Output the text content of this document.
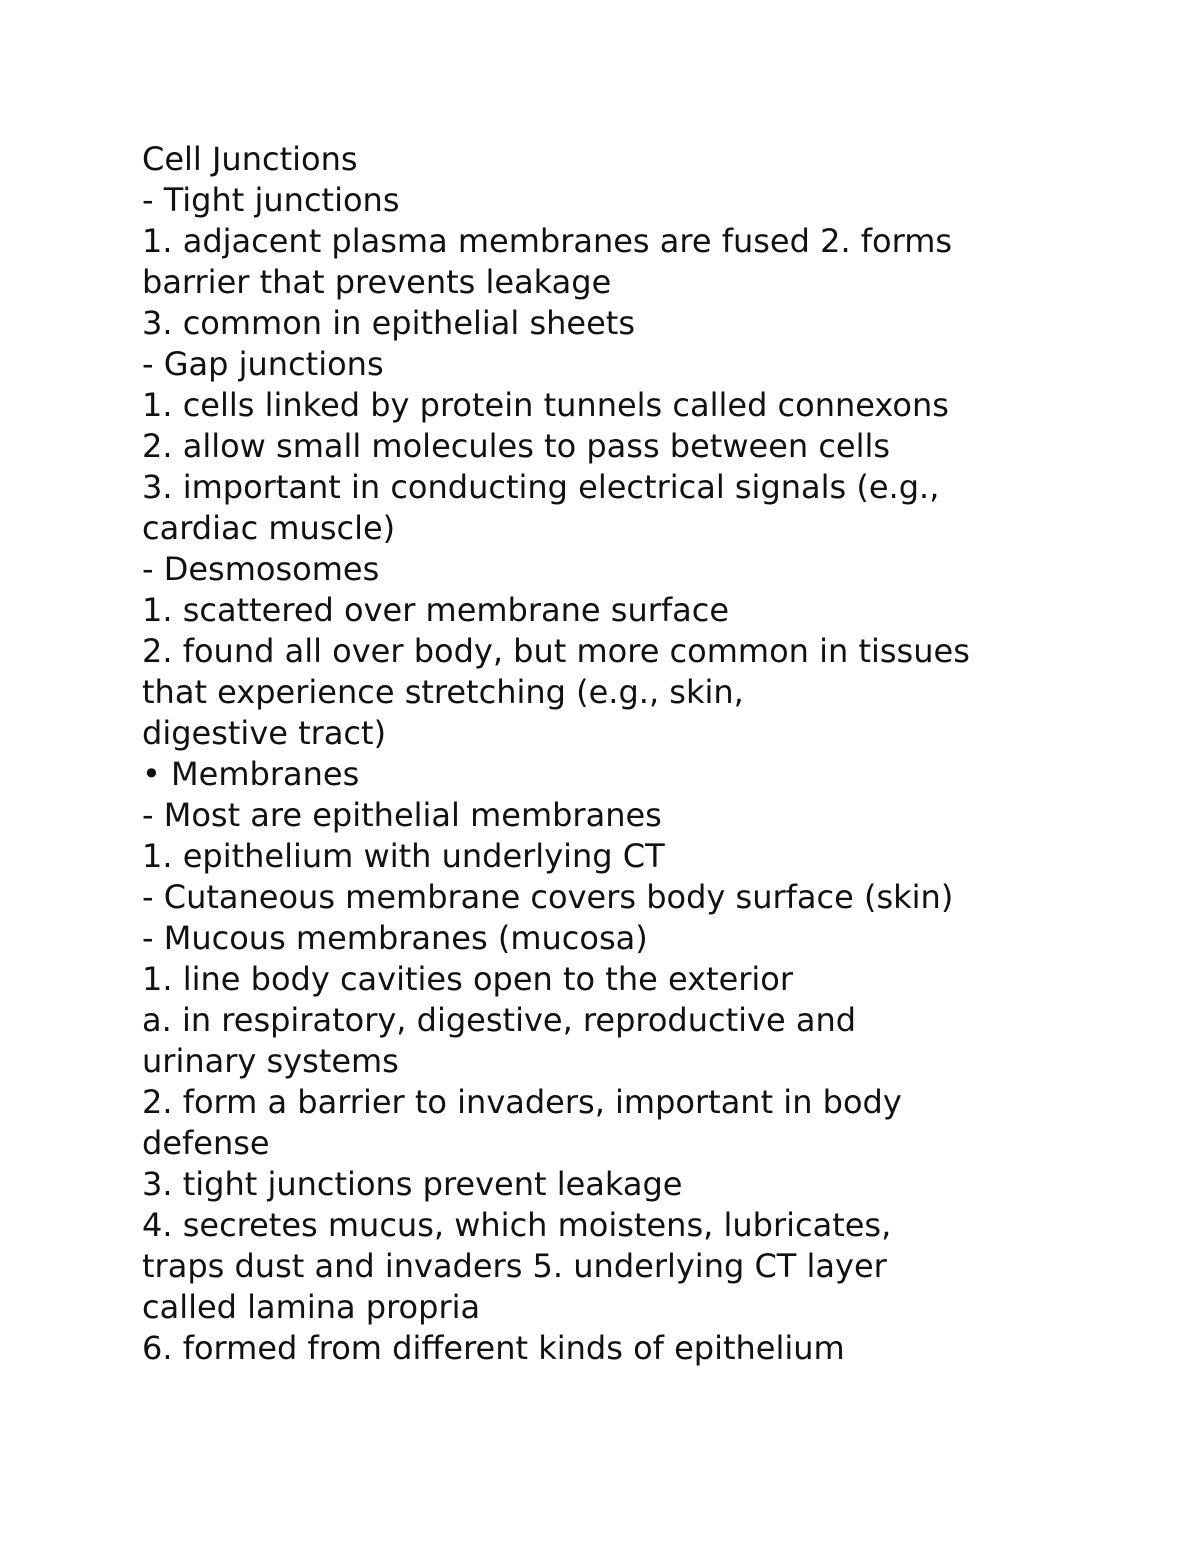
Cell Junctions
- Tight junctions
1. adjacent plasma membranes are fused 2. forms
barrier that prevents leakage
3. common in epithelial sheets
- Gap junctions
1. cells linked by protein tunnels called connexons
2. allow small molecules to pass between cells
3. important in conducting electrical signals (e.g.,
cardiac muscle)
- Desmosomes
1. scattered over membrane surface
2. found all over body, but more common in tissues
that experience stretching (e.g., skin,
digestive tract)
• Membranes
- Most are epithelial membranes
1. epithelium with underlying CT
- Cutaneous membrane covers body surface (skin)
- Mucous membranes (mucosa)
1. line body cavities open to the exterior
a. in respiratory, digestive, reproductive and
urinary systems
2. form a barrier to invaders, important in body
defense
3. tight junctions prevent leakage
4. secretes mucus, which moistens, lubricates,
traps dust and invaders 5. underlying CT layer
called lamina propria
6. formed from different kinds of epithelium
